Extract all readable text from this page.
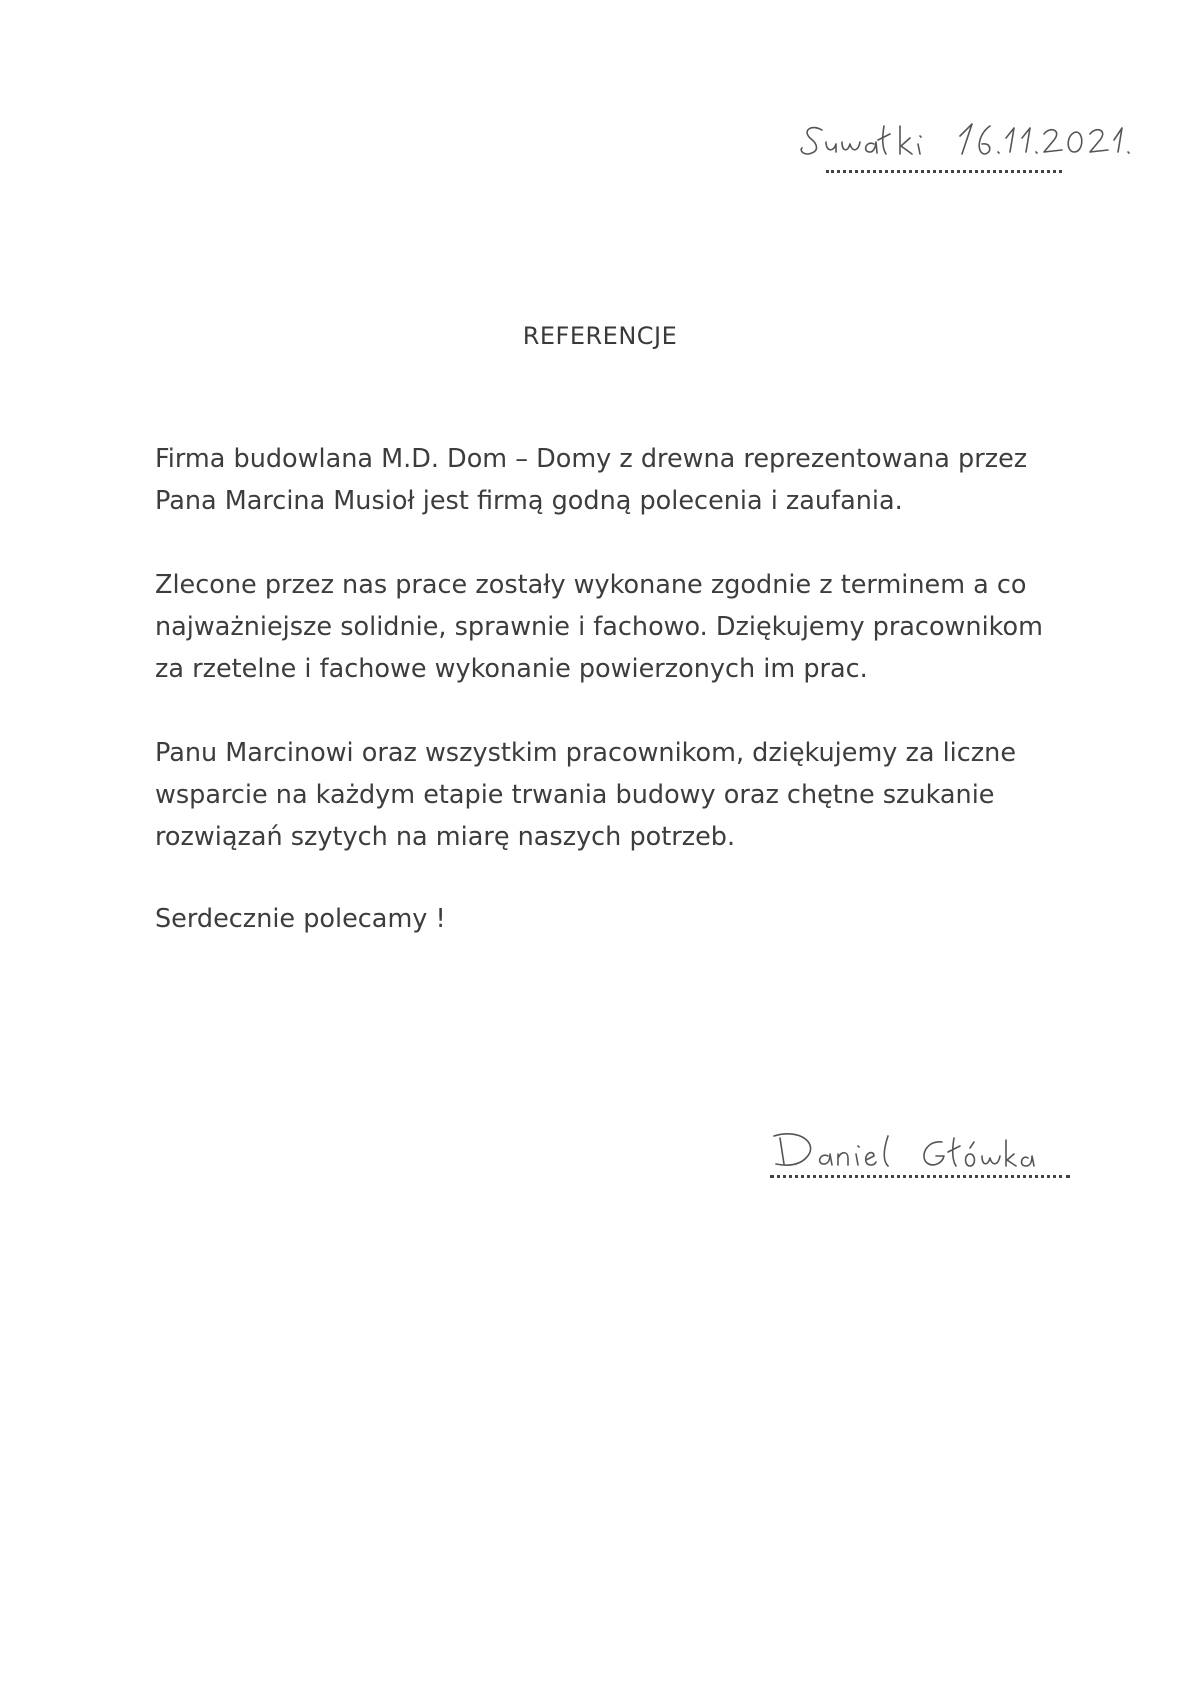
REFERENCJE
Firma budowlana M.D. Dom – Domy z drewna reprezentowana przez
Pana Marcina Musioł jest firmą godną polecenia i zaufania.
Zlecone przez nas prace zostały wykonane zgodnie z terminem a co
najważniejsze solidnie, sprawnie i fachowo. Dziękujemy pracownikom
za rzetelne i fachowe wykonanie powierzonych im prac.
Panu Marcinowi oraz wszystkim pracownikom, dziękujemy za liczne
wsparcie na każdym etapie trwania budowy oraz chętne szukanie
rozwiązań szytych na miarę naszych potrzeb.
Serdecznie polecamy !
